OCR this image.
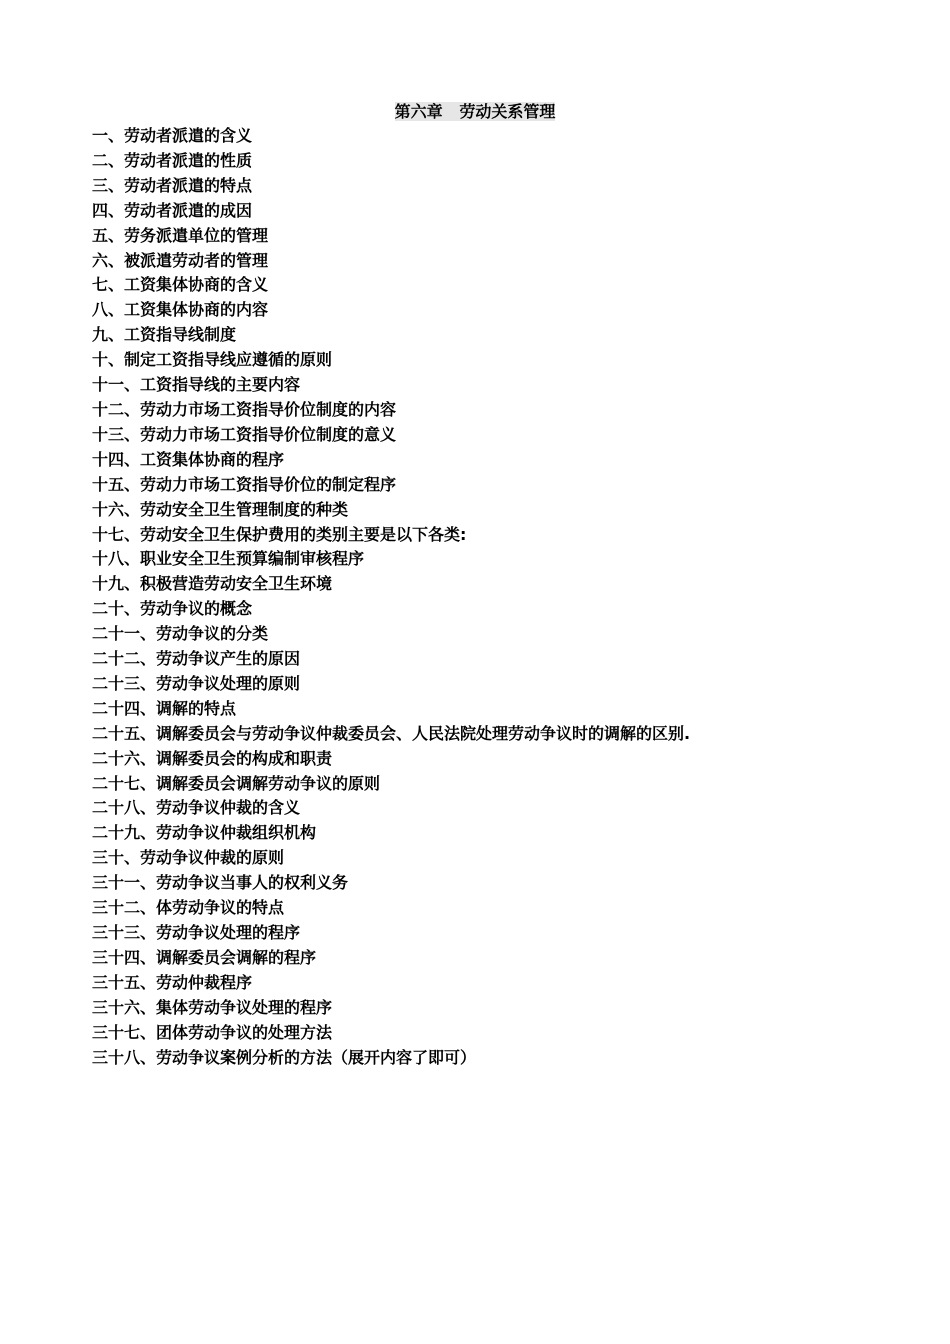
第六章 劳动关系管理
一、劳动者派遣的含义
二、劳动者派遣的性质
三、劳动者派遣的特点
四、劳动者派遣的成因
五、劳务派遣单位的管理
六、被派遣劳动者的管理
七、工资集体协商的含义
八、工资集体协商的内容
九、工资指导线制度
十、制定工资指导线应遵循的原则
十一、工资指导线的主要内容
十二、劳动力市场工资指导价位制度的内容
十三、劳动力市场工资指导价位制度的意义
十四、工资集体协商的程序
十五、劳动力市场工资指导价位的制定程序
十六、劳动安全卫生管理制度的种类
十七、劳动安全卫生保护费用的类别主要是以下各类:
十八、职业安全卫生预算编制审核程序
十九、积极营造劳动安全卫生环境
二十、劳动争议的概念
二十一、劳动争议的分类
二十二、劳动争议产生的原因
二十三、劳动争议处理的原则
二十四、调解的特点
二十五、调解委员会与劳动争议仲裁委员会、人民法院处理劳动争议时的调解的区别.
二十六、调解委员会的构成和职责
二十七、调解委员会调解劳动争议的原则
二十八、劳动争议仲裁的含义
二十九、劳动争议仲裁组织机构
三十、劳动争议仲裁的原则
三十一、劳动争议当事人的权利义务
三十二、体劳动争议的特点
三十三、劳动争议处理的程序
三十四、调解委员会调解的程序
三十五、劳动仲裁程序
三十六、集体劳动争议处理的程序
三十七、团体劳动争议的处理方法
三十八、劳动争议案例分析的方法（展开内容了即可）
